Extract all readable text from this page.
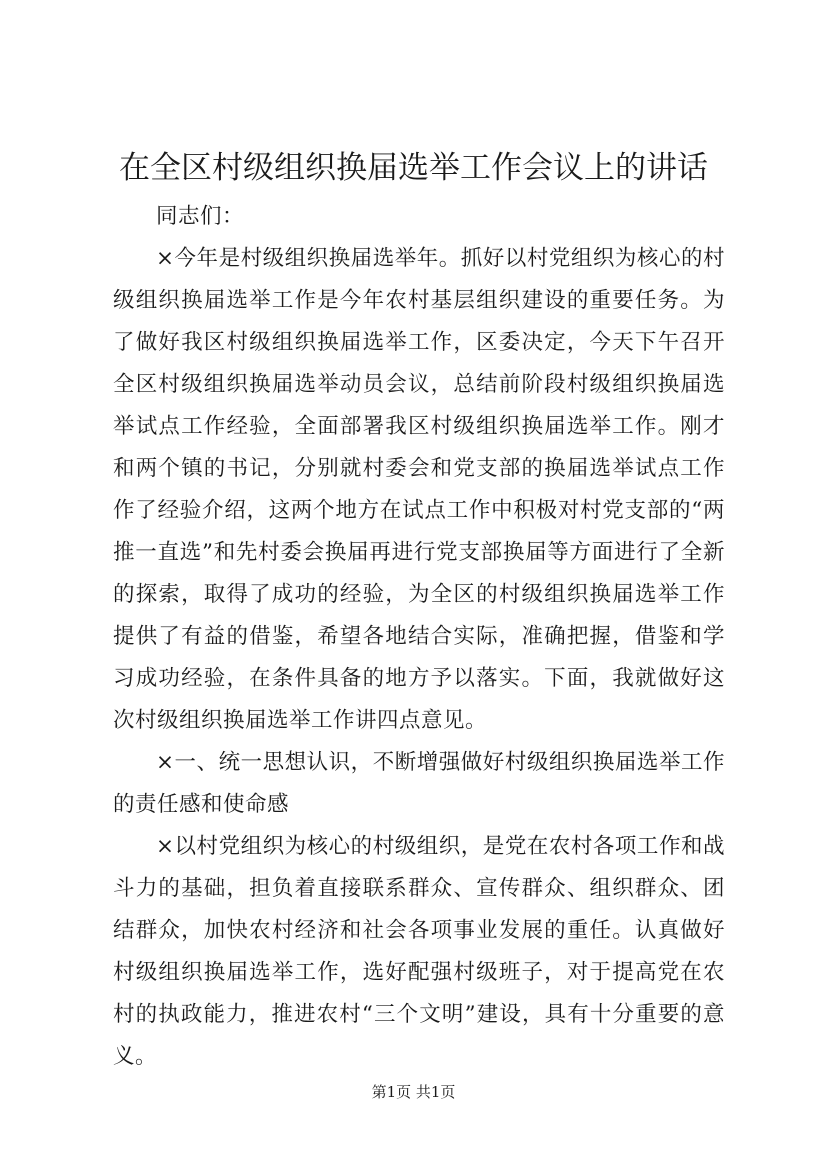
在全区村级组织换届选举工作会议上的讲话

同志们：

×今年是村级组织换届选举年。抓好以村党组织为核心的村级组织换届选举工作是今年农村基层组织建设的重要任务。为了做好我区村级组织换届选举工作，区委决定，今天下午召开全区村级组织换届选举动员会议，总结前阶段村级组织换届选举试点工作经验，全面部署我区村级组织换届选举工作。刚才和两个镇的书记，分别就村委会和党支部的换届选举试点工作作了经验介绍，这两个地方在试点工作中积极对村党支部的“两推一直选”和先村委会换届再进行党支部换届等方面进行了全新的探索，取得了成功的经验，为全区的村级组织换届选举工作提供了有益的借鉴，希望各地结合实际，准确把握，借鉴和学习成功经验，在条件具备的地方予以落实。下面，我就做好这次村级组织换届选举工作讲四点意见。

×一、统一思想认识，不断增强做好村级组织换届选举工作的责任感和使命感

×以村党组织为核心的村级组织，是党在农村各项工作和战斗力的基础，担负着直接联系群众、宣传群众、组织群众、团结群众，加快农村经济和社会各项事业发展的重任。认真做好村级组织换届选举工作，选好配强村级班子，对于提高党在农村的执政能力，推进农村“三个文明”建设，具有十分重要的意义。

第1页 共1页
